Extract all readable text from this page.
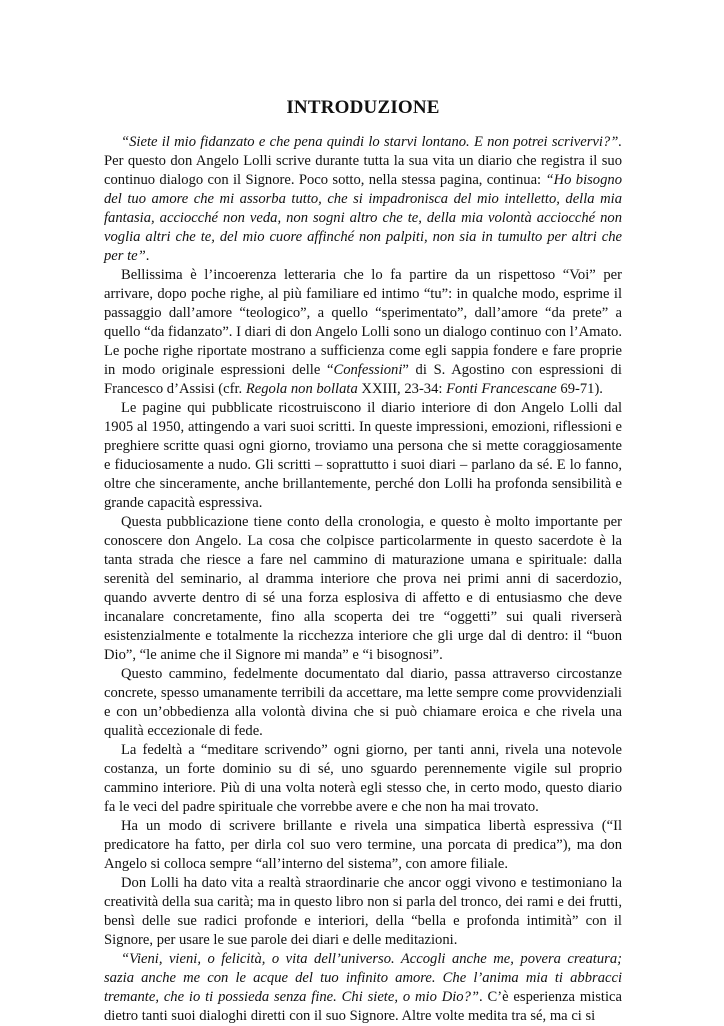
INTRODUZIONE

“Siete il mio fidanzato e che pena quindi lo starvi lontano. E non potrei scrivervi?”. Per questo don Angelo Lolli scrive durante tutta la sua vita un diario che registra il suo continuo dialogo con il Signore. Poco sotto, nella stessa pagina, continua: “Ho bisogno del tuo amore che mi assorba tutto, che si impadronisca del mio intelletto, della mia fantasia, acciocché non veda, non sogni altro che te, della mia volontà acciocché non voglia altri che te, del mio cuore affinché non palpiti, non sia in tumulto per altri che per te”.

Bellissima è l’incoerenza letteraria che lo fa partire da un rispettoso “Voi” per arrivare, dopo poche righe, al più familiare ed intimo “tu”: in qualche modo, esprime il passaggio dall’amore “teologico”, a quello “sperimentato”, dall’amore “da prete” a quello “da fidanzato”. I diari di don Angelo Lolli sono un dialogo continuo con l’Amato. Le poche righe riportate mostrano a sufficienza come egli sappia fondere e fare proprie in modo originale espressioni delle “Confessioni” di S. Agostino con espressioni di Francesco d’Assisi (cfr. Regola non bollata XXIII, 23-34: Fonti Francescane 69-71).

Le pagine qui pubblicate ricostruiscono il diario interiore di don Angelo Lolli dal 1905 al 1950, attingendo a vari suoi scritti. In queste impressioni, emozioni, riflessioni e preghiere scritte quasi ogni giorno, troviamo una persona che si mette coraggiosamente e fiduciosamente a nudo. Gli scritti – soprattutto i suoi diari – parlano da sé. E lo fanno, oltre che sinceramente, anche brillantemente, perché don Lolli ha profonda sensibilità e grande capacità espressiva.

Questa pubblicazione tiene conto della cronologia, e questo è molto importante per conoscere don Angelo. La cosa che colpisce particolarmente in questo sacerdote è la tanta strada che riesce a fare nel cammino di maturazione umana e spirituale: dalla serenità del seminario, al dramma interiore che prova nei primi anni di sacerdozio, quando avverte dentro di sé una forza esplosiva di affetto e di entusiasmo che deve incanalare concretamente, fino alla scoperta dei tre “oggetti” sui quali riverserà esistenzialmente e totalmente la ricchezza interiore che gli urge dal di dentro: il “buon Dio”, “le anime che il Signore mi manda” e “i bisognosi”.

Questo cammino, fedelmente documentato dal diario, passa attraverso circostanze concrete, spesso umanamente terribili da accettare, ma lette sempre come provvidenziali e con un’obbedienza alla volontà divina che si può chiamare eroica e che rivela una qualità eccezionale di fede.

La fedeltà a “meditare scrivendo” ogni giorno, per tanti anni, rivela una notevole costanza, un forte dominio su di sé, uno sguardo perennemente vigile sul proprio cammino interiore. Più di una volta noterà egli stesso che, in certo modo, questo diario fa le veci del padre spirituale che vorrebbe avere e che non ha mai trovato.

Ha un modo di scrivere brillante e rivela una simpatica libertà espressiva (“Il predicatore ha fatto, per dirla col suo vero termine, una porcata di predica”), ma don Angelo si colloca sempre “all’interno del sistema”, con amore filiale.

Don Lolli ha dato vita a realtà straordinarie che ancor oggi vivono e testimoniano la creatività della sua carità; ma in questo libro non si parla del tronco, dei rami e dei frutti, bensì delle sue radici profonde e interiori, della “bella e profonda intimità” con il Signore, per usare le sue parole dei diari e delle meditazioni.

“Vieni, vieni, o felicità, o vita dell’universo. Accogli anche me, povera creatura; sazia anche me con le acque del tuo infinito amore. Che l’anima mia ti abbracci tremante, che io ti possieda senza fine. Chi siete, o mio Dio?”. C’è esperienza mistica dietro tanti suoi dialoghi diretti con il suo Signore. Altre volte medita tra sé, ma ci si
